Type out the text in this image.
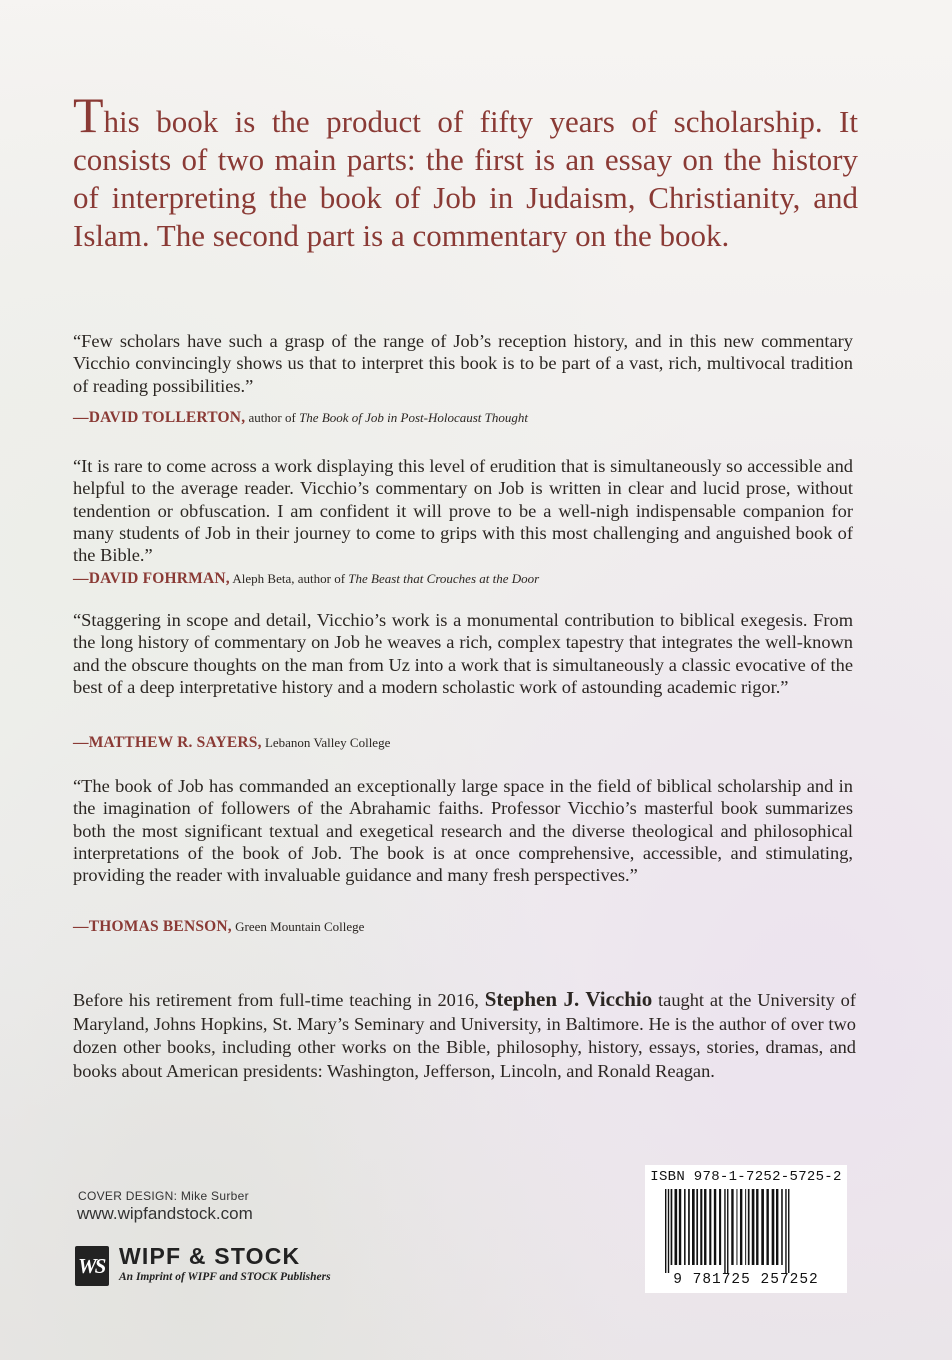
This book is the product of fifty years of scholarship. It consists of two main parts: the first is an essay on the history of interpreting the book of Job in Judaism, Christianity, and Islam. The second part is a commentary on the book.

“Few scholars have such a grasp of the range of Job’s reception history, and in this new commentary Vicchio convincingly shows us that to interpret this book is to be part of a vast, rich, multivocal tradition of reading possibilities.”

—DAVID TOLLERTON, author of The Book of Job in Post-Holocaust Thought

“It is rare to come across a work displaying this level of erudition that is simultaneously so accessible and helpful to the average reader. Vicchio’s commentary on Job is written in clear and lucid prose, without tendention or obfuscation. I am confident it will prove to be a well-nigh indispensable companion for many students of Job in their journey to come to grips with this most challenging and anguished book of the Bible.”

—DAVID FOHRMAN, Aleph Beta, author of The Beast that Crouches at the Door

“Staggering in scope and detail, Vicchio’s work is a monumental contribution to biblical exegesis. From the long history of commentary on Job he weaves a rich, complex tapestry that integrates the well-known and the obscure thoughts on the man from Uz into a work that is simultaneously a classic evocative of the best of a deep interpretative history and a modern scholastic work of astounding academic rigor.”

—MATTHEW R. SAYERS, Lebanon Valley College

“The book of Job has commanded an exceptionally large space in the field of biblical scholarship and in the imagination of followers of the Abrahamic faiths. Professor Vicchio’s masterful book summarizes both the most significant textual and exegetical research and the diverse theological and philosophical interpretations of the book of Job. The book is at once comprehensive, accessible, and stimulating, providing the reader with invaluable guidance and many fresh perspectives.”

—THOMAS BENSON, Green Mountain College

Before his retirement from full-time teaching in 2016, Stephen J. Vicchio taught at the University of Maryland, Johns Hopkins, St. Mary’s Seminary and University, in Baltimore. He is the author of over two dozen other books, including other works on the Bible, philosophy, history, essays, stories, dramas, and books about American presidents: Washington, Jefferson, Lincoln, and Ronald Reagan.

COVER DESIGN: Mike Surber
www.wipfandstock.com
WS WIPF & STOCK
An Imprint of WIPF and STOCK Publishers
ISBN 978-1-7252-5725-2
9 781725 257252
